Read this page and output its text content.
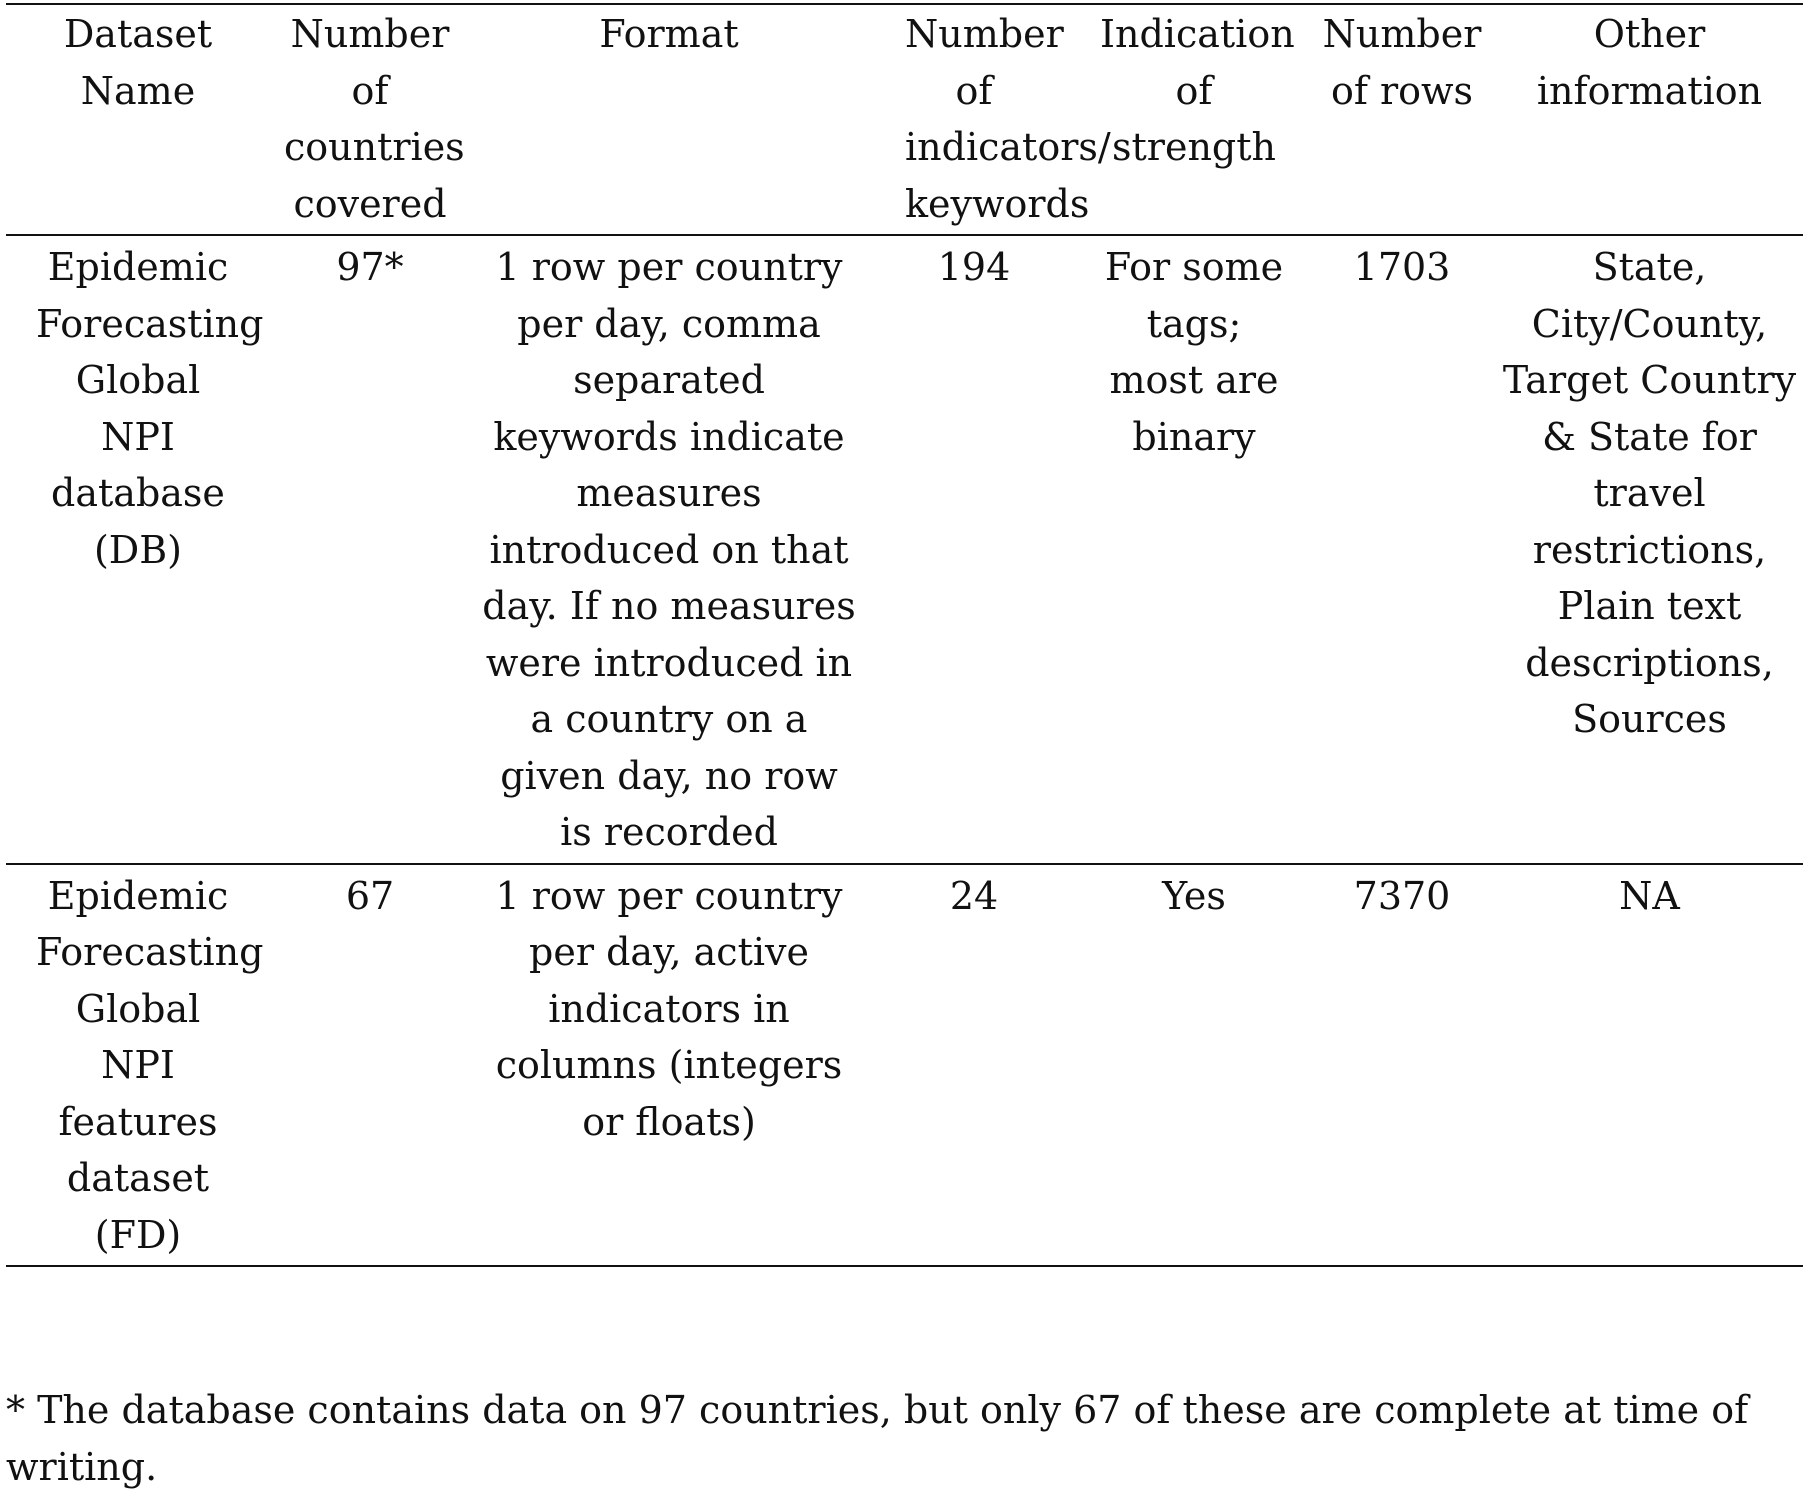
Dataset Name	Number of countries covered	Format	Number of indicators/ keywords	Indication of strength	Number of rows	Other information
Epidemic Forecasting Global NPI database (DB)	97*	1 row per country per day, comma separated keywords indicate measures introduced on that day. If no measures were introduced in a country on a given day, no row is recorded	194	For some tags; most are binary	1703	State, City/County, Target Country & State for travel restrictions, Plain text descriptions, Sources
Epidemic Forecasting Global NPI features dataset (FD)	67	1 row per country per day, active indicators in columns (integers or floats)	24	Yes	7370	NA
* The database contains data on 97 countries, but only 67 of these are complete at time of writing.
